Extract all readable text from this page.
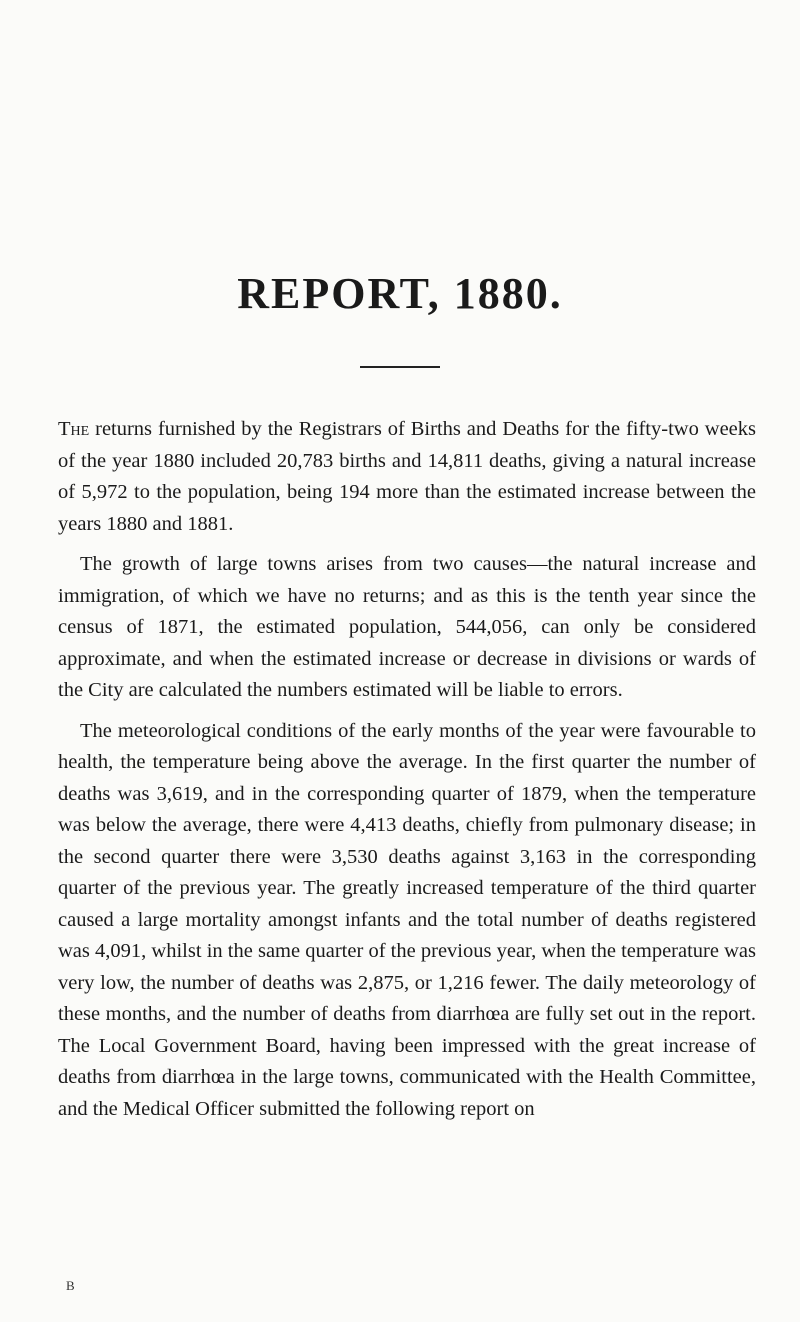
REPORT, 1880.

The returns furnished by the Registrars of Births and Deaths for the fifty-two weeks of the year 1880 included 20,783 births and 14,811 deaths, giving a natural increase of 5,972 to the population, being 194 more than the estimated increase between the years 1880 and 1881.

The growth of large towns arises from two causes—the natural increase and immigration, of which we have no returns; and as this is the tenth year since the census of 1871, the estimated population, 544,056, can only be considered approximate, and when the estimated increase or decrease in divisions or wards of the City are calculated the numbers estimated will be liable to errors.

The meteorological conditions of the early months of the year were favourable to health, the temperature being above the average. In the first quarter the number of deaths was 3,619, and in the corresponding quarter of 1879, when the temperature was below the average, there were 4,413 deaths, chiefly from pulmonary disease; in the second quarter there were 3,530 deaths against 3,163 in the corresponding quarter of the previous year. The greatly increased temperature of the third quarter caused a large mortality amongst infants and the total number of deaths registered was 4,091, whilst in the same quarter of the previous year, when the temperature was very low, the number of deaths was 2,875, or 1,216 fewer. The daily meteorology of these months, and the number of deaths from diarrhœa are fully set out in the report. The Local Government Board, having been impressed with the great increase of deaths from diarrhœa in the large towns, communicated with the Health Committee, and the Medical Officer submitted the following report on

B
